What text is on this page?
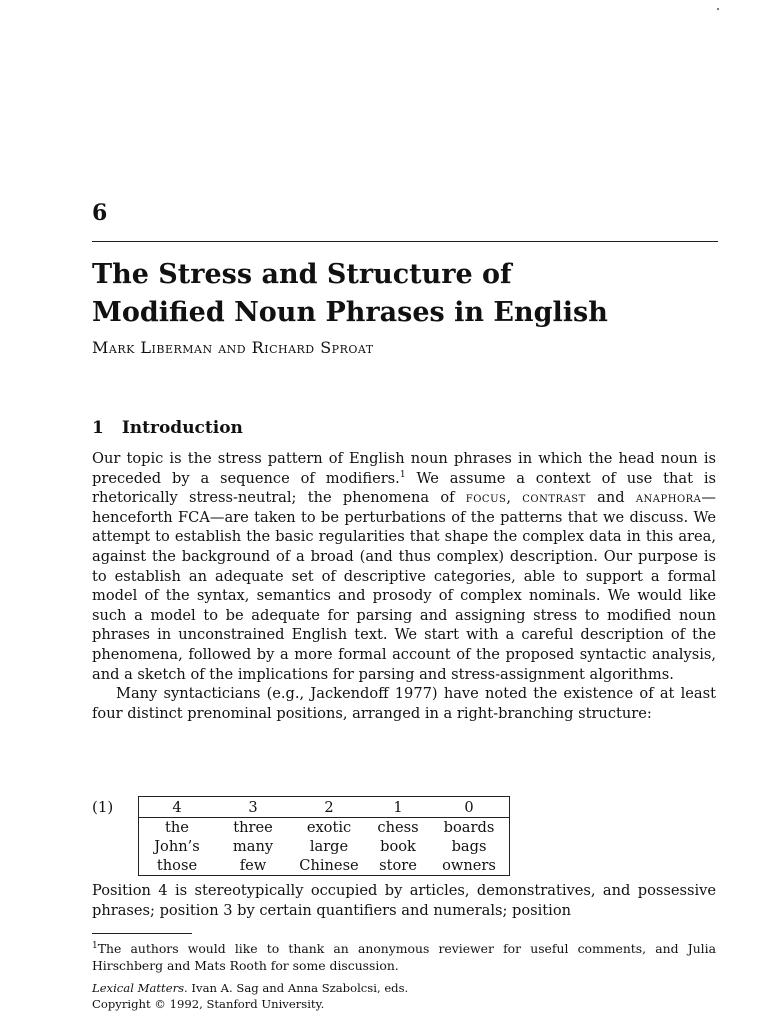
6
The Stress and Structure of
Modified Noun Phrases in English
Mark Liberman and Richard Sproat
1 Introduction

Our topic is the stress pattern of English noun phrases in which the head noun is preceded by a sequence of modifiers.$^1$ We assume a context of use that is rhetorically stress-neutral; the phenomena of focus, contrast and anaphora—henceforth FCA—are taken to be perturbations of the patterns that we discuss. We attempt to establish the basic regularities that shape the complex data in this area, against the background of a broad (and thus complex) description. Our purpose is to establish an adequate set of descriptive categories, able to support a formal model of the syntax, semantics and prosody of complex nominals. We would like such a model to be adequate for parsing and assigning stress to modified noun phrases in unconstrained English text. We start with a careful description of the phenomena, followed by a more formal account of the proposed syntactic analysis, and a sketch of the implications for parsing and stress-assignment algorithms.

Many syntacticians (e.g., Jackendoff 1977) have noted the existence of at least four distinct prenominal positions, arranged in a right-branching structure:

(1)	4	3	2	1	0
the	three	exotic	chess	boards
John’s	many	large	book	bags
those	few	Chinese	store	owners

Position 4 is stereotypically occupied by articles, demonstratives, and possessive phrases; position 3 by certain quantifiers and numerals; position

$^1$The authors would like to thank an anonymous reviewer for useful comments, and Julia Hirschberg and Mats Rooth for some discussion.

Lexical Matters. Ivan A. Sag and Anna Szabolcsi, eds.

Copyright © 1992, Stanford University.
